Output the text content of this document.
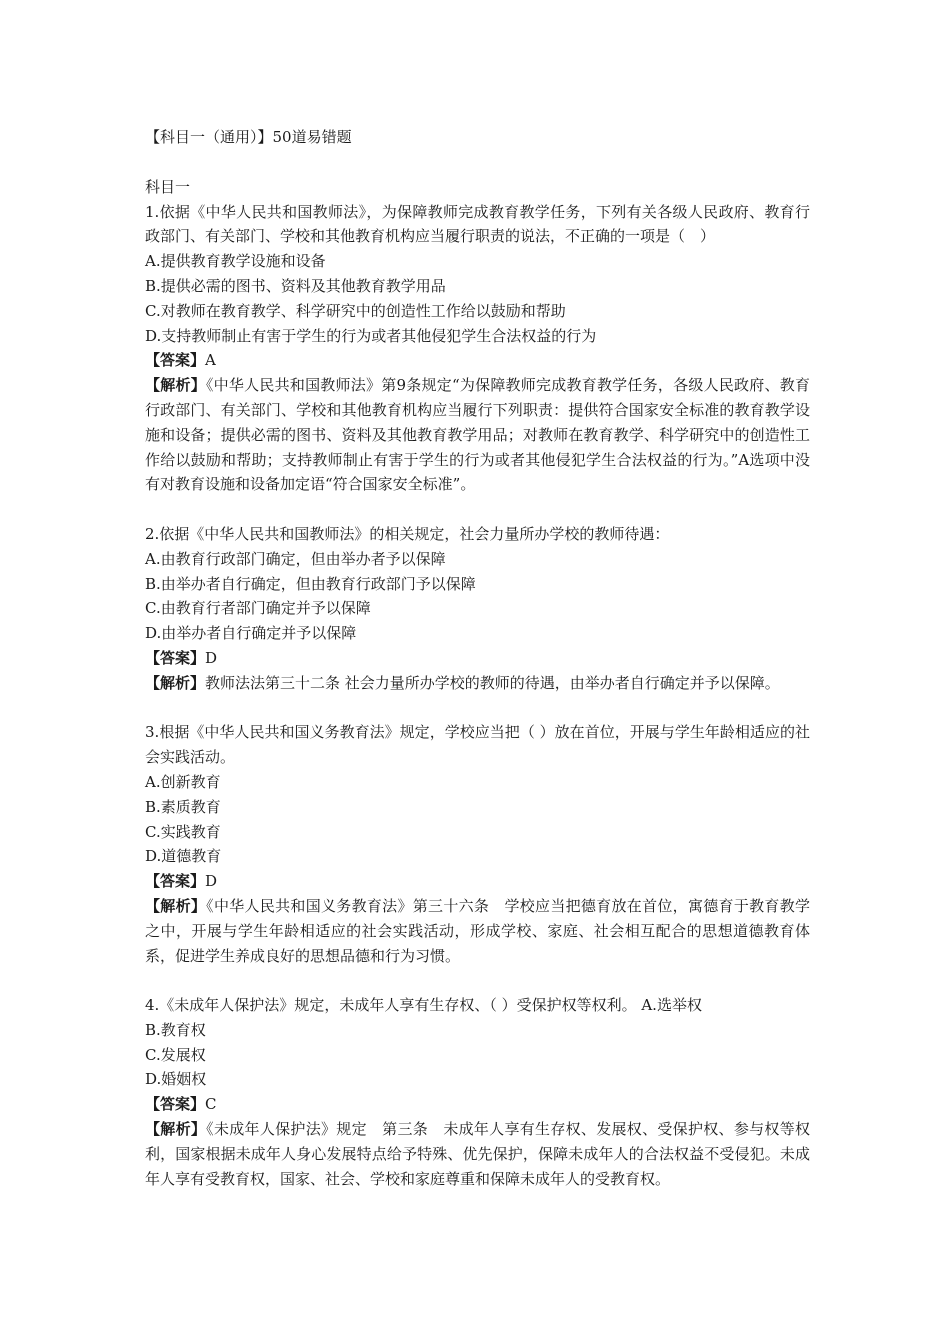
【科目一（通用）】50道易错题
科目一
1.依据《中华人民共和国教师法》，为保障教师完成教育教学任务，下列有关各级人民政府、教育行政部门、有关部门、学校和其他教育机构应当履行职责的说法，不正确的一项是（　）
A.提供教育教学设施和设备
B.提供必需的图书、资料及其他教育教学用品
C.对教师在教育教学、科学研究中的创造性工作给以鼓励和帮助
D.支持教师制止有害于学生的行为或者其他侵犯学生合法权益的行为
【答案】A
【解析】《中华人民共和国教师法》第9条规定“为保障教师完成教育教学任务，各级人民政府、教育行政部门、有关部门、学校和其他教育机构应当履行下列职责：提供符合国家安全标准的教育教学设施和设备；提供必需的图书、资料及其他教育教学用品；对教师在教育教学、科学研究中的创造性工作给以鼓励和帮助；支持教师制止有害于学生的行为或者其他侵犯学生合法权益的行为。”A选项中没有对教育设施和设备加定语“符合国家安全标准”。
2.依据《中华人民共和国教师法》的相关规定，社会力量所办学校的教师待遇：
A.由教育行政部门确定，但由举办者予以保障
B.由举办者自行确定，但由教育行政部门予以保障
C.由教育行者部门确定并予以保障
D.由举办者自行确定并予以保障
【答案】D
【解析】教师法法第三十二条 社会力量所办学校的教师的待遇，由举办者自行确定并予以保障。
3.根据《中华人民共和国义务教育法》规定，学校应当把（ ）放在首位，开展与学生年龄相适应的社会实践活动。
A.创新教育
B.素质教育
C.实践教育
D.道德教育
【答案】D
【解析】《中华人民共和国义务教育法》第三十六条　学校应当把德育放在首位，寓德育于教育教学之中，开展与学生年龄相适应的社会实践活动，形成学校、家庭、社会相互配合的思想道德教育体系，促进学生养成良好的思想品德和行为习惯。
4.《未成年人保护法》规定，未成年人享有生存权、（ ）受保护权等权利。 A.选举权
B.教育权
C.发展权
D.婚姻权
【答案】C
【解析】《未成年人保护法》规定　第三条　未成年人享有生存权、发展权、受保护权、参与权等权利，国家根据未成年人身心发展特点给予特殊、优先保护，保障未成年人的合法权益不受侵犯。未成年人享有受教育权，国家、社会、学校和家庭尊重和保障未成年人的受教育权。
